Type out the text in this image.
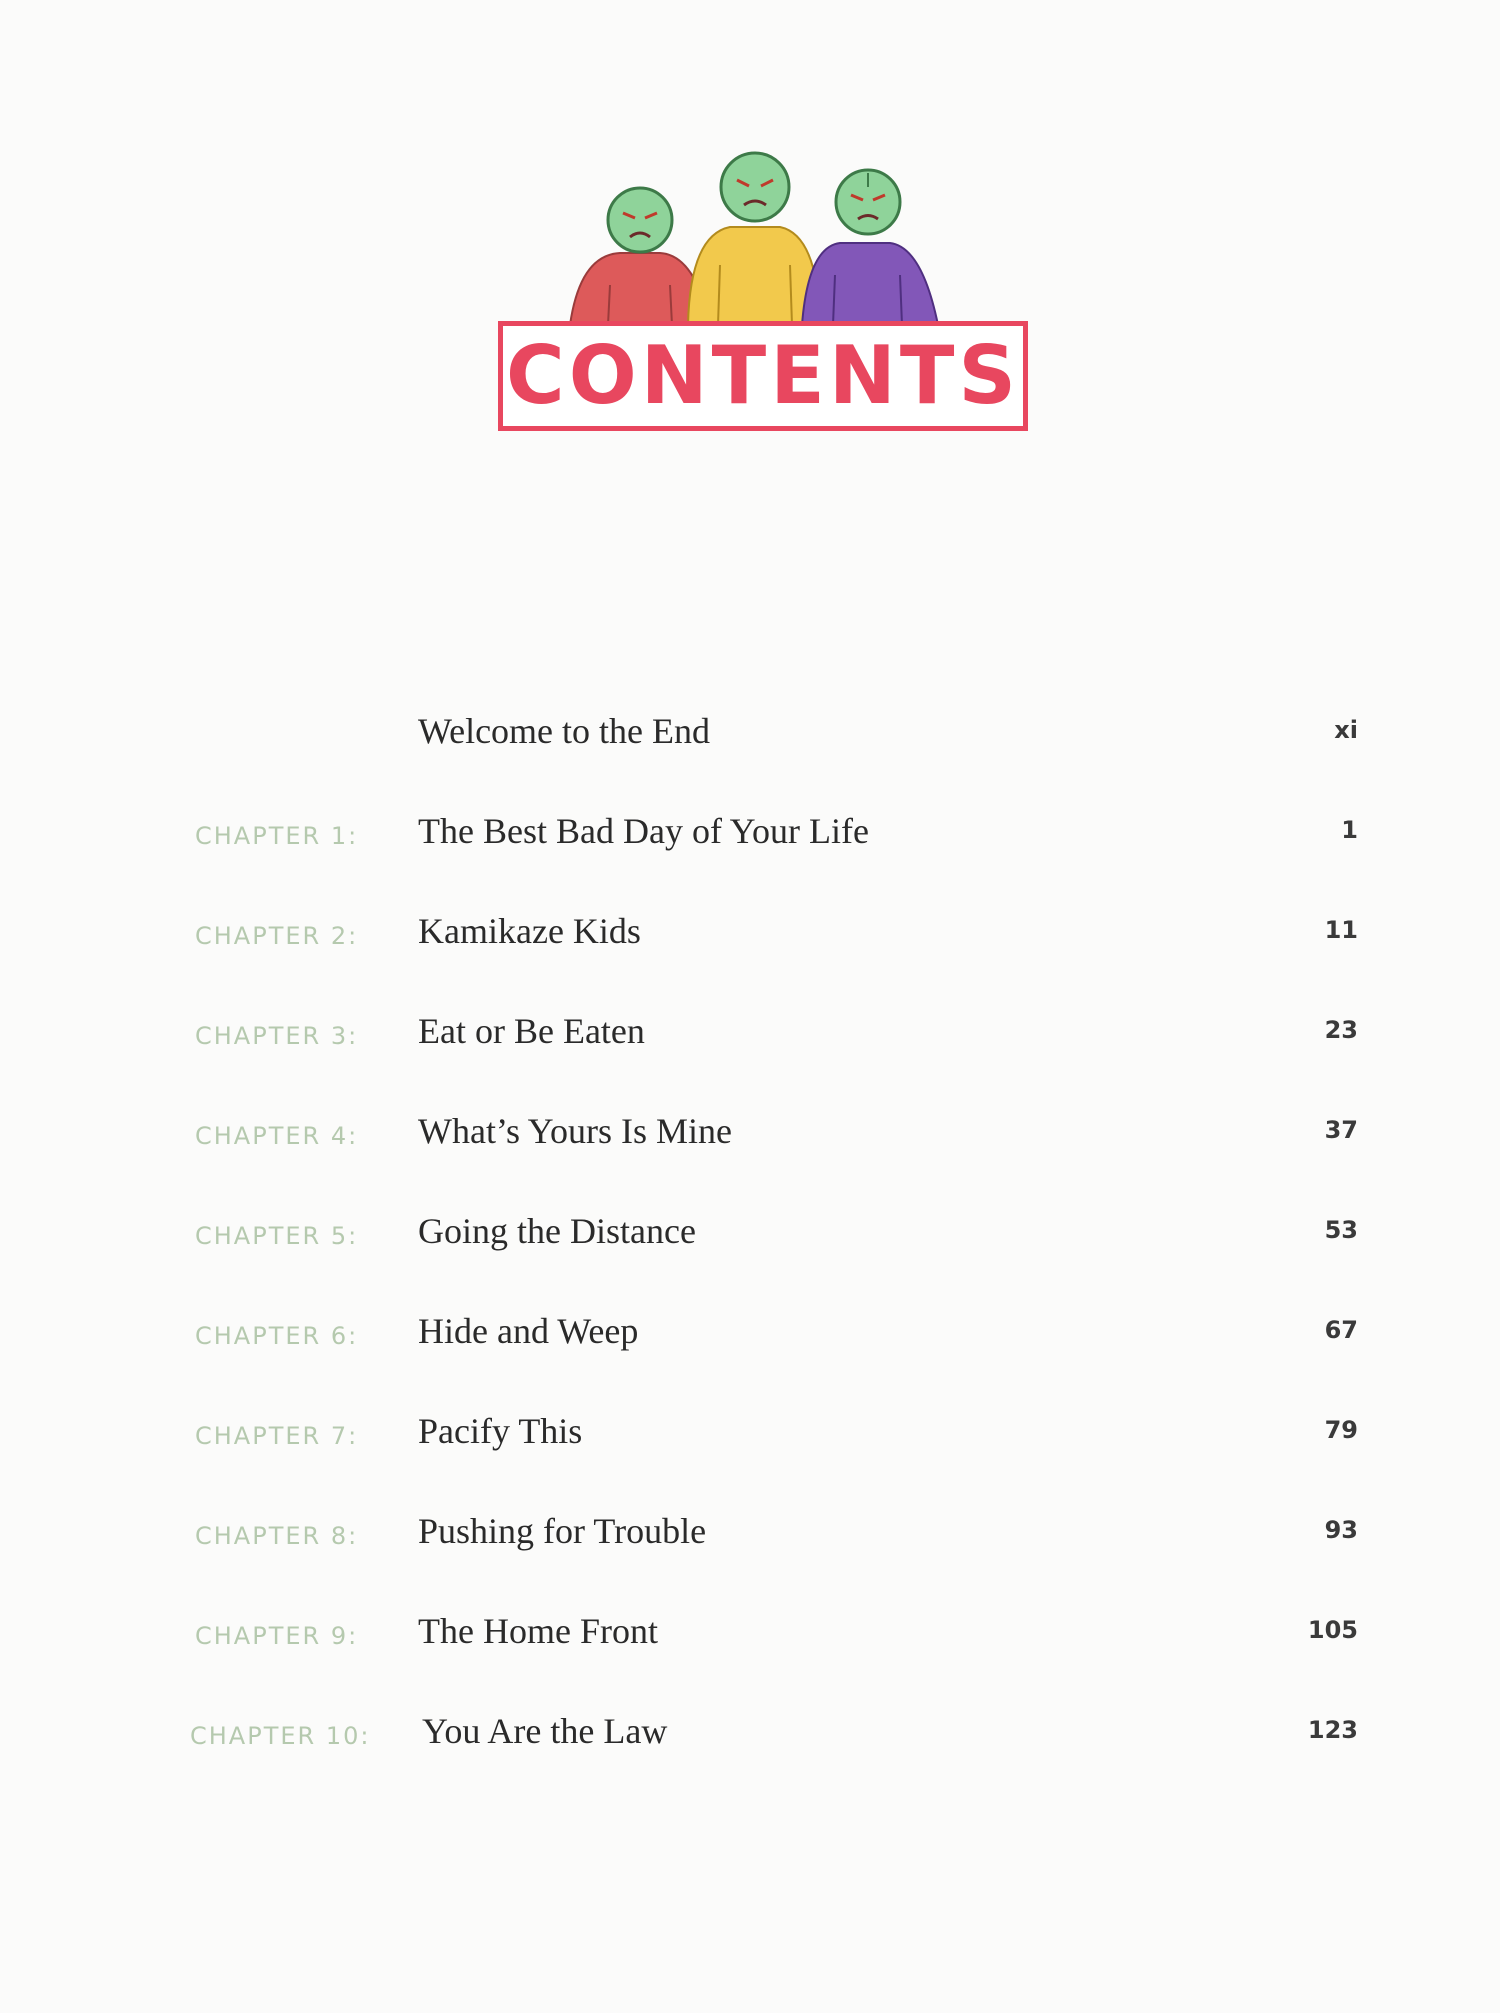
CONTENTS
Welcome to the End	xi
CHAPTER 1:	The Best Bad Day of Your Life	1
CHAPTER 2:	Kamikaze Kids	11
CHAPTER 3:	Eat or Be Eaten	23
CHAPTER 4:	What’s Yours Is Mine	37
CHAPTER 5:	Going the Distance	53
CHAPTER 6:	Hide and Weep	67
CHAPTER 7:	Pacify This	79
CHAPTER 8:	Pushing for Trouble	93
CHAPTER 9:	The Home Front	105
CHAPTER 10:	You Are the Law	123
